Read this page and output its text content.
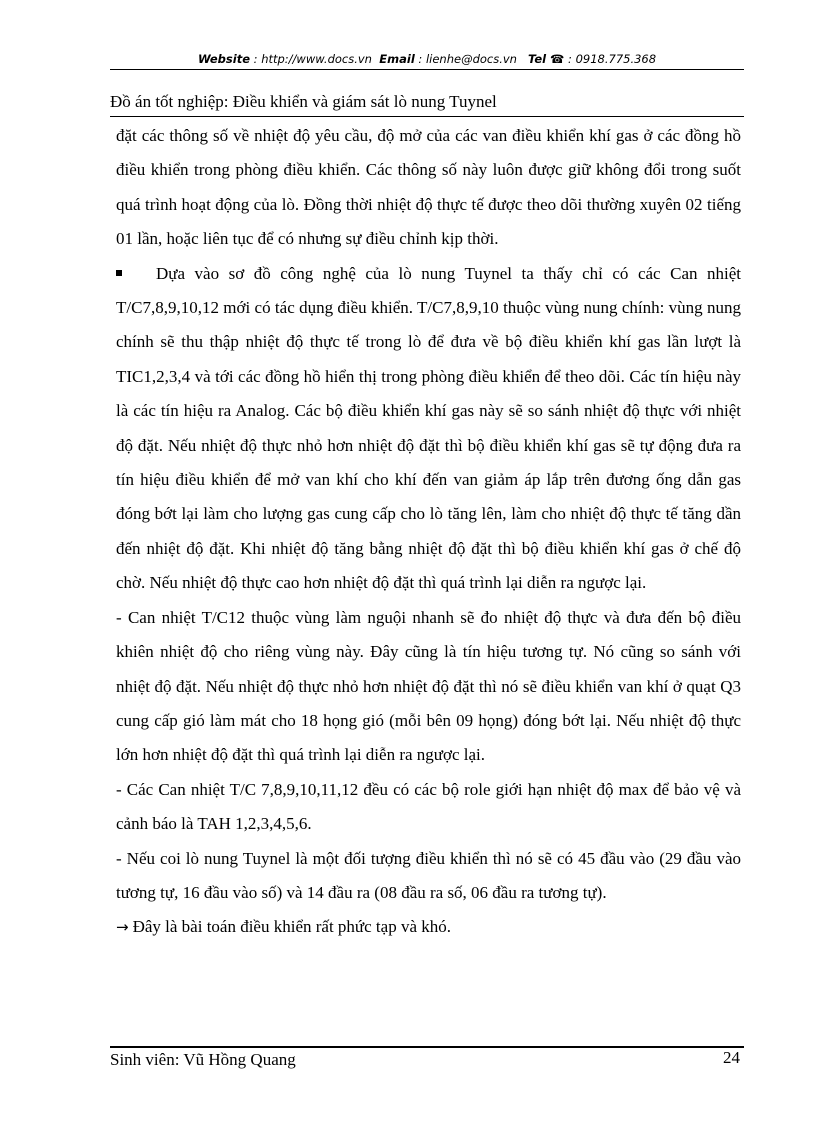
Website : http://www.docs.vn Email : lienhe@docs.vn Tel ☎ : 0918.775.368
Đồ án tốt nghiệp: Điều khiển và giám sát lò nung Tuynel

đặt các thông số về nhiệt độ yêu cầu, độ mở của các van điều khiển khí gas ở các đồng hồ điều khiển trong phòng điều khiển. Các thông số này luôn được giữ không đổi trong suốt quá trình hoạt động của lò. Đồng thời nhiệt độ thực tế được theo dõi thường xuyên 02 tiếng 01 lần, hoặc liên tục để có nhưng sự điều chỉnh kịp thời.

Dựa vào sơ đồ công nghệ của lò nung Tuynel ta thấy chỉ có các Can nhiệt T/C7,8,9,10,12 mới có tác dụng điều khiển. T/C7,8,9,10 thuộc vùng nung chính: vùng nung chính sẽ thu thập nhiệt độ thực tế trong lò để đưa về bộ điều khiển khí gas lần lượt là TIC1,2,3,4 và tới các đồng hồ hiển thị trong phòng điều khiển để theo dõi. Các tín hiệu này là các tín hiệu ra Analog. Các bộ điều khiển khí gas này sẽ so sánh nhiệt độ thực với nhiệt độ đặt. Nếu nhiệt độ thực nhỏ hơn nhiệt độ đặt thì bộ điều khiển khí gas sẽ tự động đưa ra tín hiệu điều khiển để mở van khí cho khí đến van giảm áp lắp trên đương ống dẫn gas đóng bớt lại làm cho lượng gas cung cấp cho lò tăng lên, làm cho nhiệt độ thực tế tăng dần đến nhiệt độ đặt. Khi nhiệt độ tăng bằng nhiệt độ đặt thì bộ điều khiển khí gas ở chế độ chờ. Nếu nhiệt độ thực cao hơn nhiệt độ đặt thì quá trình lại diễn ra ngược lại.

- Can nhiệt T/C12 thuộc vùng làm nguội nhanh sẽ đo nhiệt độ thực và đưa đến bộ điều khiên nhiệt độ cho riêng vùng này. Đây cũng là tín hiệu tương tự. Nó cũng so sánh với nhiệt độ đặt. Nếu nhiệt độ thực nhỏ hơn nhiệt độ đặt thì nó sẽ điều khiển van khí ở quạt Q3 cung cấp gió làm mát cho 18 họng gió (mỗi bên 09 họng) đóng bớt lại. Nếu nhiệt độ thực lớn hơn nhiệt độ đặt thì quá trình lại diễn ra ngược lại.

- Các Can nhiệt T/C 7,8,9,10,11,12 đều có các bộ role giới hạn nhiệt độ max để bảo vệ và cảnh báo là TAH 1,2,3,4,5,6.

- Nếu coi lò nung Tuynel là một đối tượng điều khiển thì nó sẽ có 45 đầu vào (29 đầu vào tương tự, 16 đầu vào số) và 14 đầu ra (08 đầu ra số, 06 đầu ra tương tự).

→ Đây là bài toán điều khiển rất phức tạp và khó.

Sinh viên: Vũ Hồng Quang	24
